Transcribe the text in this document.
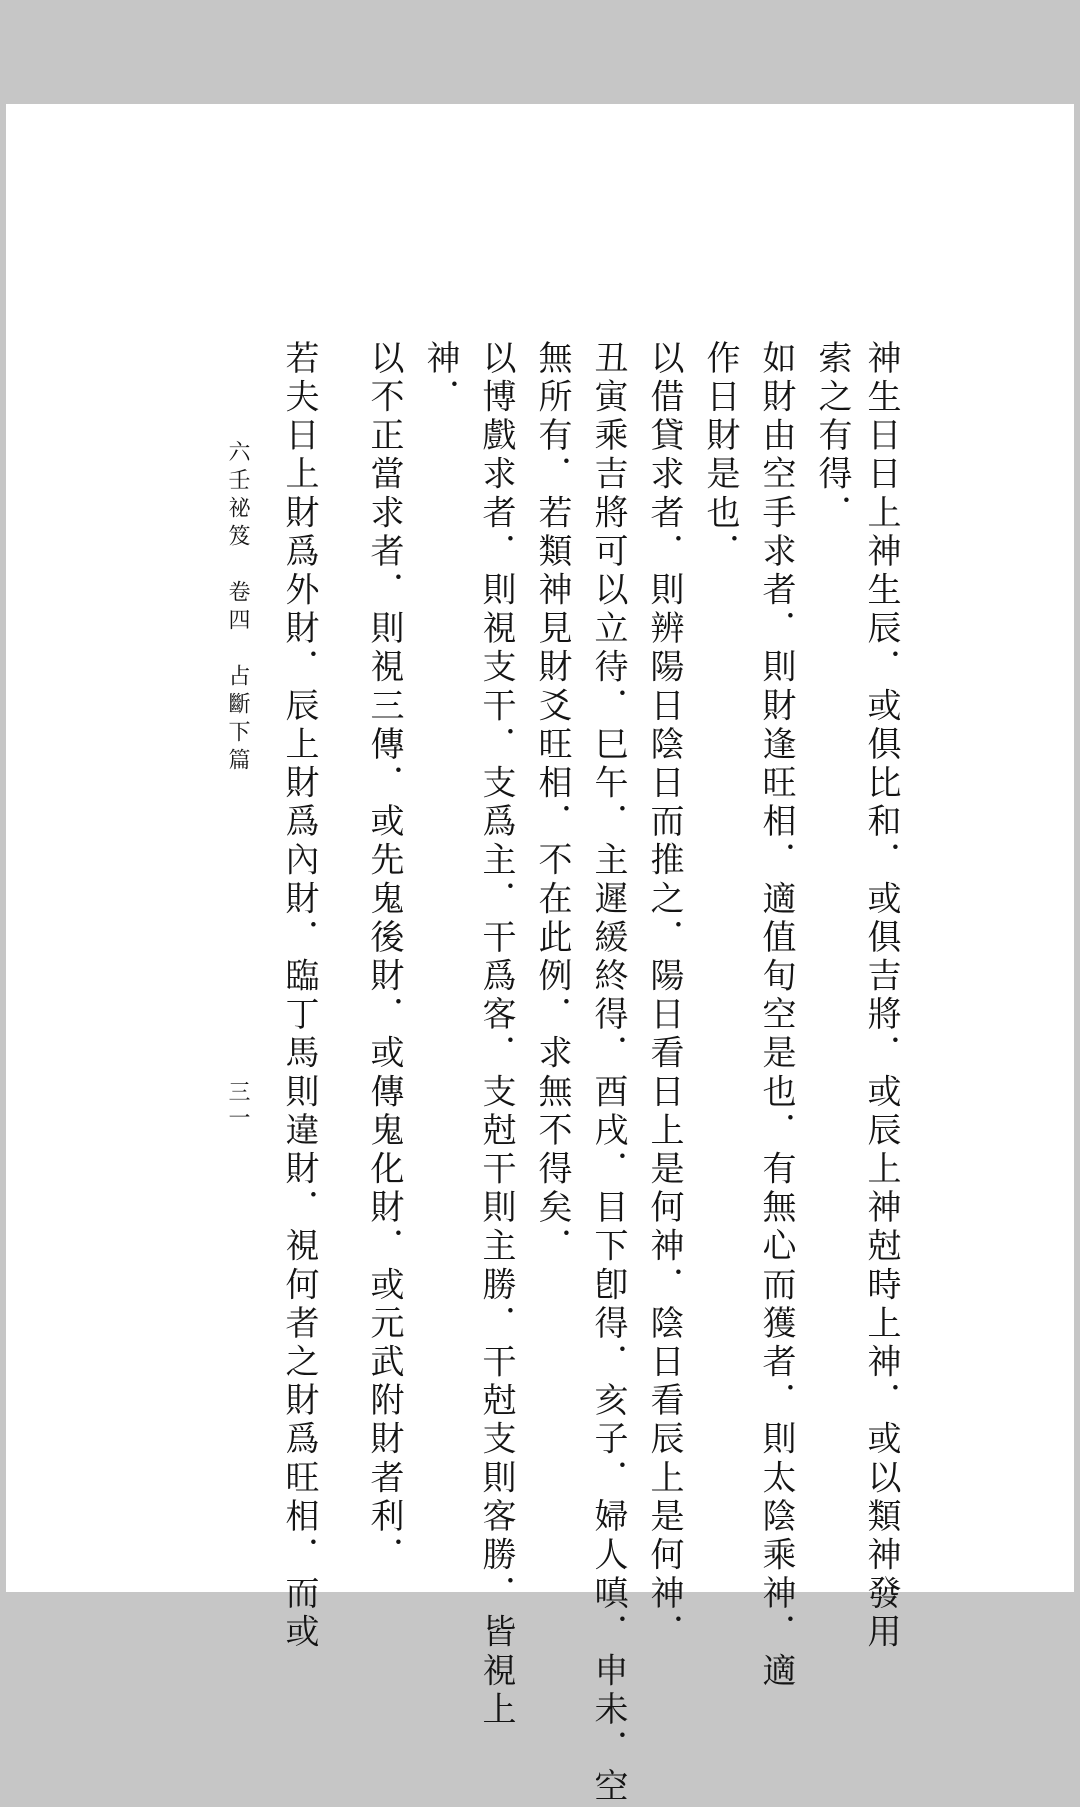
神生日日上神生辰．或俱比和．或俱吉將．或辰上神尅時上神．或以類神發用
索之有得．
如財由空手求者．則財逢旺相．適值旬空是也．有無心而獲者．則太陰乘神．適
作日財是也．
以借貸求者．則辨陽日陰日而推之．陽日看日上是何神．陰日看辰上是何神．
丑寅乘吉將可以立待．巳午．主遲緩終得．酉戌．目下卽得．亥子．婦人嗔．申未．空
無所有．若類神見財爻旺相．不在此例．求無不得矣．
以博戲求者．則視支干．支爲主．干爲客．支尅干則主勝．干尅支則客勝．皆視上
神．
以不正當求者．則視三傳．或先鬼後財．或傳鬼化財．或元武附財者利．
六壬祕笈　卷四　占斷下篇
三一 若夫日上財爲外財．辰上財爲內財．臨丁馬則違財．視何者之財爲旺相．而或
